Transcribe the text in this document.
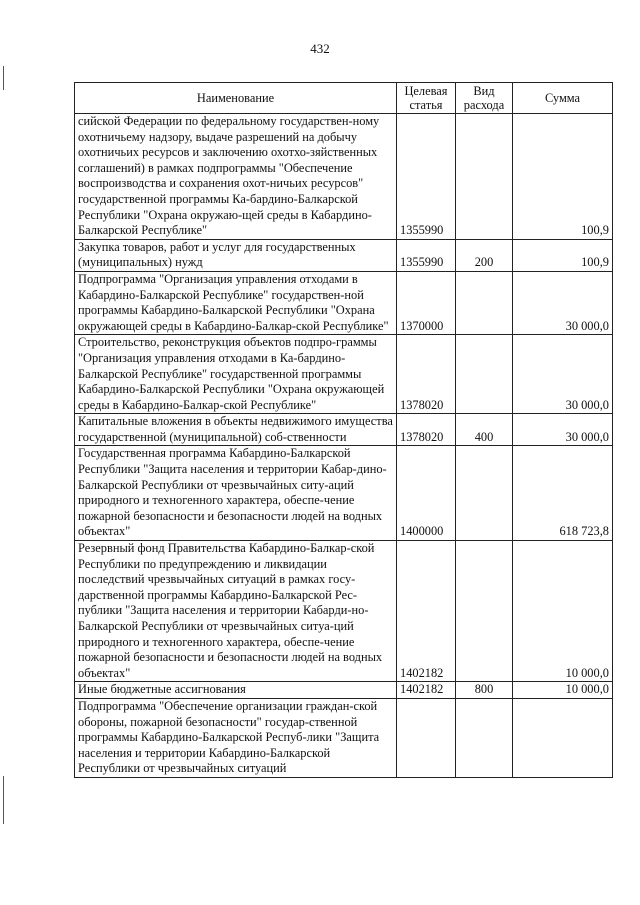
432
Наименование	Целевая статья	Вид расхода	Сумма
сийской Федерации по федеральному государствен-ному охотничьему надзору, выдаче разрешений на добычу охотничьих ресурсов и заключению охотхо-зяйственных соглашений) в рамках подпрограммы "Обеспечение воспроизводства и сохранения охот-ничьих ресурсов" государственной программы Ка-бардино-Балкарской Республики "Охрана окружаю-щей среды в Кабардино-Балкарской Республике"	1355990		100,9
Закупка товаров, работ и услуг для государственных (муниципальных) нужд	1355990	200	100,9
Подпрограмма "Организация управления отходами в Кабардино-Балкарской Республике" государствен-ной программы Кабардино-Балкарской Республики "Охрана окружающей среды в Кабардино-Балкар-ской Республике"	1370000		30 000,0
Строительство, реконструкция объектов подпро-граммы "Организация управления отходами в Ка-бардино-Балкарской Республике" государственной программы Кабардино-Балкарской Республики "Охрана окружающей среды в Кабардино-Балкар-ской Республике"	1378020		30 000,0
Капитальные вложения в объекты недвижимого имущества государственной (муниципальной) соб-ственности	1378020	400	30 000,0
Государственная программа Кабардино-Балкарской Республики "Защита населения и территории Кабар-дино-Балкарской Республики от чрезвычайных ситу-аций природного и техногенного характера, обеспе-чение пожарной безопасности и безопасности людей на водных объектах"	1400000		618 723,8
Резервный фонд Правительства Кабардино-Балкар-ской Республики по предупреждению и ликвидации последствий чрезвычайных ситуаций в рамках госу-дарственной программы Кабардино-Балкарской Рес-публики "Защита населения и территории Кабарди-но-Балкарской Республики от чрезвычайных ситуа-ций природного и техногенного характера, обеспе-чение пожарной безопасности и безопасности людей на водных объектах"	1402182		10 000,0
Иные бюджетные ассигнования	1402182	800	10 000,0
Подпрограмма "Обеспечение организации граждан-ской обороны, пожарной безопасности" государ-ственной программы Кабардино-Балкарской Респуб-лики "Защита населения и территории Кабардино-Балкарской Республики от чрезвычайных ситуаций			
